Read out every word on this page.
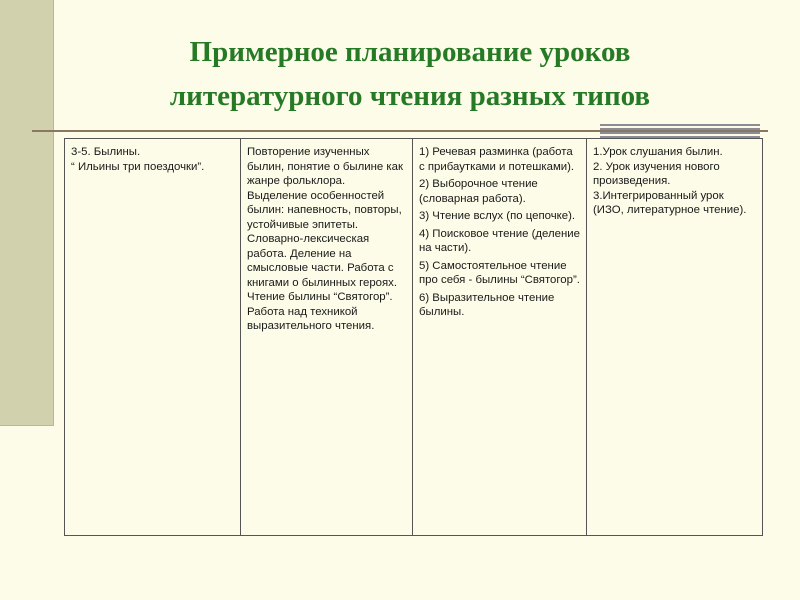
Примерное планирование уроков
литературного чтения разных типов
3-5. Былины.
“ Ильины три поездочки”.

Повторение изученных былин, понятие о былине как жанре фольклора. Выделение особенностей былин: напевность, повторы, устойчивые эпитеты. Словарно-лексическая работа. Деление на смысловые части. Работа с книгами о былинных героях. Чтение былины “Святогор”. Работа над техникой выразительного чтения.

1) Речевая разминка (работа с прибаутками и потешками).
2) Выборочное чтение (словарная работа).
3) Чтение вслух (по цепочке).
4) Поисковое чтение (деление на части).
5) Самостоятельное чтение про себя - былины “Святогор”.
6) Выразительное чтение былины.

1.Урок слушания былин.
2. Урок изучения нового произведения.
3.Интегрированный урок (ИЗО, литературное чтение).
